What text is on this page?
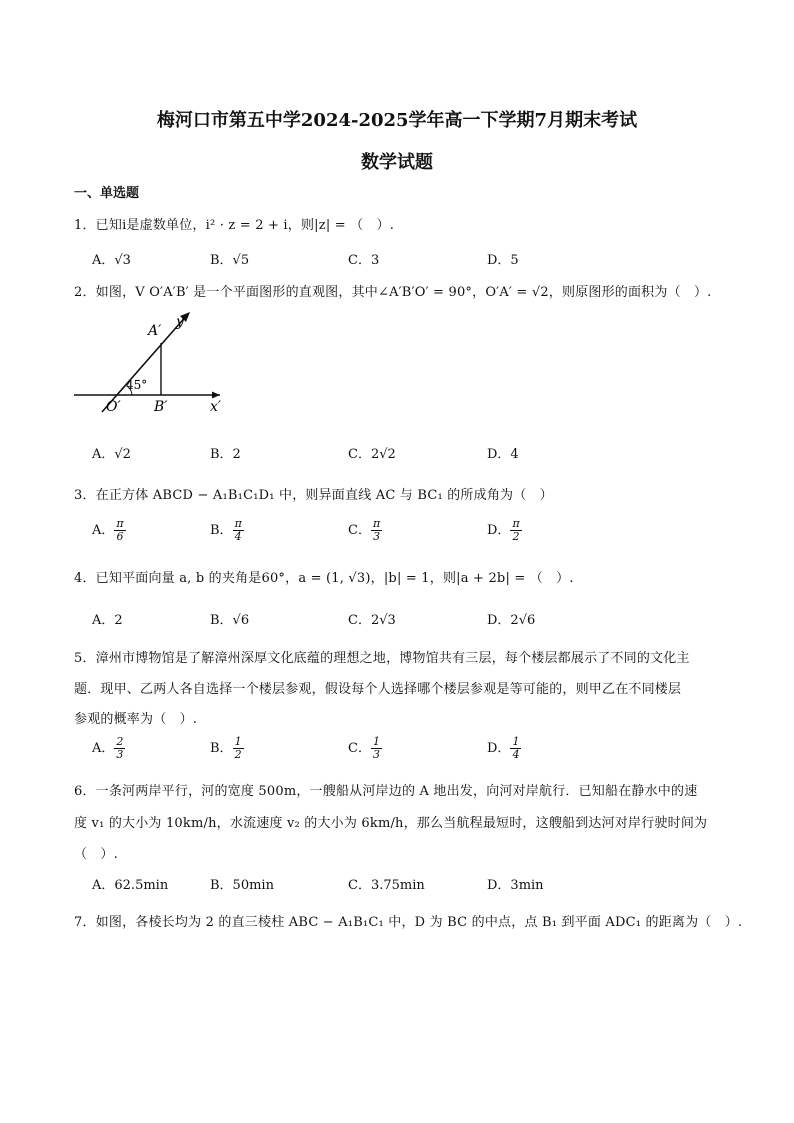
梅河口市第五中学2024-2025学年高一下学期7月期末考试
数学试题
一、单选题
1．已知i是虚数单位，i² · z = 2 + i，则|z| = （　）.
A．√3	B．√5	C．3	D．5
2．如图，V O′A′B′ 是一个平面图形的直观图，其中∠A′B′O′ = 90°，O′A′ = √2，则原图形的面积为（　）.
A′
y′
45°
O′ B′	x′
A．√2	B．2	C．2√2	D．4
3．在正方体 ABCD − A₁B₁C₁D₁ 中，则异面直线 AC 与 BC₁ 的所成角为（　）
A． $\frac{\pi}{6}$	B． $\frac{\pi}{4}$	C． $\frac{\pi}{3}$	D． $\frac{\pi}{2}$
4．已知平面向量 a, b 的夹角是60°，a = (1, √3)，|b| = 1，则|a + 2b| = （　）.
A．2	B．√6	C．2√3	D．2√6
5．漳州市博物馆是了解漳州深厚文化底蕴的理想之地，博物馆共有三层，每个楼层都展示了不同的文化主
题．现甲、乙两人各自选择一个楼层参观，假设每个人选择哪个楼层参观是等可能的，则甲乙在不同楼层
参观的概率为（　）.
A． $\frac{2}{3}$	B． $\frac{1}{2}$	C． $\frac{1}{3}$	D． $\frac{1}{4}$
6．一条河两岸平行，河的宽度 500m，一艘船从河岸边的 A 地出发，向河对岸航行．已知船在静水中的速
度 v₁ 的大小为 10km/h，水流速度 v₂ 的大小为 6km/h，那么当航程最短时，这艘船到达河对岸行驶时间为
（　）.
A．62.5min	B．50min	C．3.75min	D．3min
7．如图，各棱长均为 2 的直三棱柱 ABC − A₁B₁C₁ 中，D 为 BC 的中点，点 B₁ 到平面 ADC₁ 的距离为（　）.
